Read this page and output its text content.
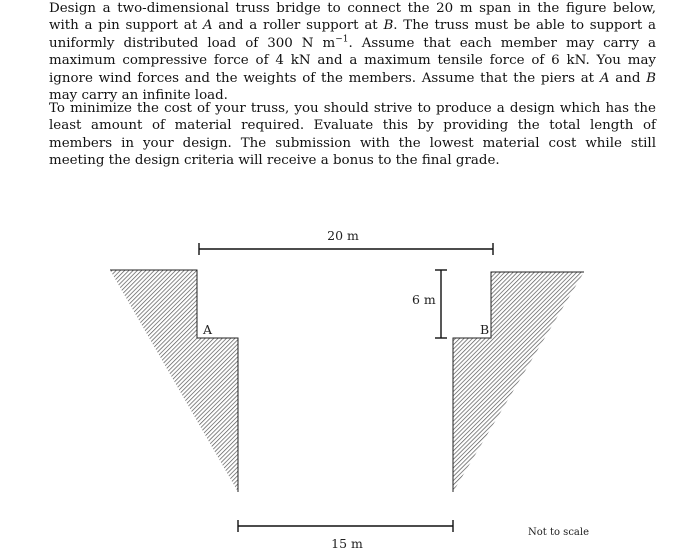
Design a two-dimensional truss bridge to connect the 20 m span in the figure below, with a pin support at A and a roller support at B. The truss must be able to support a uniformly distributed load of 300 N $m^{-1}$. Assume that each member may carry a maximum compressive force of 4 kN and a maximum tensile force of 6 kN. You may ignore wind forces and the weights of the members. Assume that the piers at A and B may carry an infinite load.

To minimize the cost of your truss, you should strive to produce a design which has the least amount of material required. Evaluate this by providing the total length of members in your design. The submission with the lowest material cost while still meeting the design criteria will receive a bonus to the final grade.

20 m
A	B
6 m
15 m
Not to scale
